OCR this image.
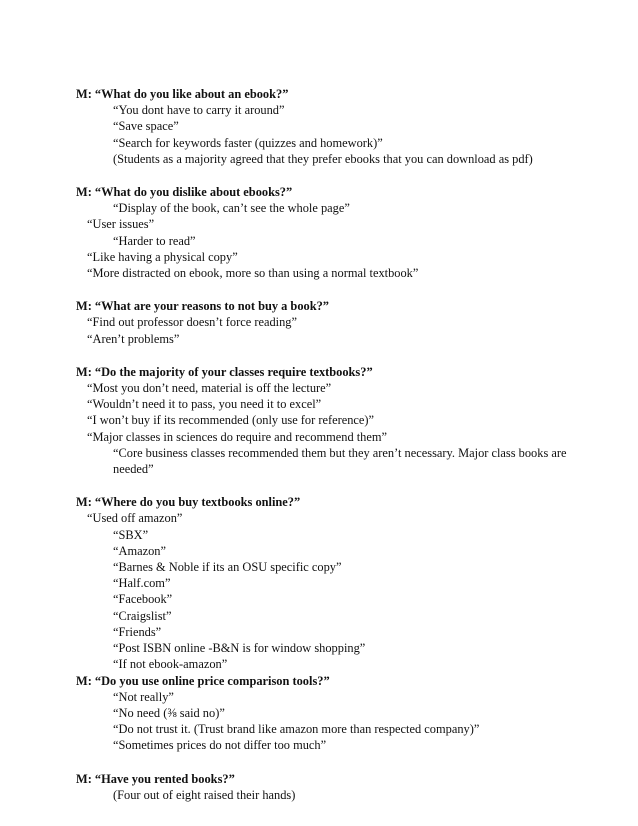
M: “What do you like about an ebook?”
“You dont have to carry it around”
“Save space”
“Search for keywords faster (quizzes and homework)”
(Students as a majority agreed that they prefer ebooks that you can download as pdf)
M: “What do you dislike about ebooks?”
“Display of the book, can’t see the whole page”
“User issues”
“Harder to read”
“Like having a physical copy”
“More distracted on ebook, more so than using a normal textbook”
M: “What are your reasons to not buy a book?”
“Find out professor doesn’t force reading”
“Aren’t problems”
M: “Do the majority of your classes require textbooks?”
“Most you don’t need, material is off the lecture”
“Wouldn’t need it to pass, you need it to excel”
“I won’t buy if its recommended (only use for reference)”
“Major classes in sciences do require and recommend them”
“Core business classes recommended them but they aren’t necessary. Major class books are needed”
M: “Where do you buy textbooks online?”
“Used off amazon”
“SBX”
“Amazon”
“Barnes & Noble if its an OSU specific copy”
“Half.com”
“Facebook”
“Craigslist”
“Friends”
“Post ISBN online -B&N is for window shopping”
“If not ebook-amazon”
M: “Do you use online price comparison tools?”
“Not really”
“No need (⅜ said no)”
“Do not trust it. (Trust brand like amazon more than respected company)”
“Sometimes prices do not differ too much”
M: “Have you rented books?”
(Four out of eight raised their hands)
